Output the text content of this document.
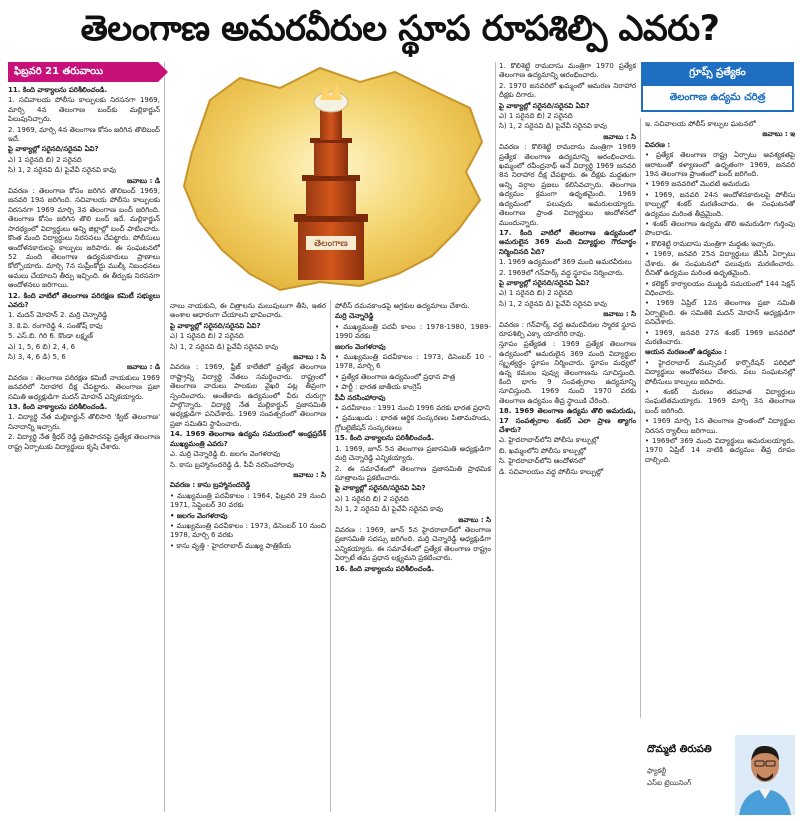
తెలంగాణ అమరవీరుల స్థూప రూపశిల్పి ఎవరు?
ఫిబ్రవరి 21 తరువాయి

11. కింది వాక్యాలను పరిశీలించండి.

1. సచివాలయ పోలీసు కాల్పులకు నిరసనగా 1969, మార్చి 4న తెలంగాణ బంద్‌కు మల్లికార్జున్ పిలుపునిచ్చారు.

2. 1969, మార్చి 4న తెలంగాణ కోసం జరిగిన తొలిబంద్ ఇదే.

పై వాక్యాల్లో సరైనది/సరైనవి ఏవి?

ఎ) 1 సరైనది బి) 2 సరైనది

సి) 1, 2 సరైనవి డి) పైవేవీ సరైనవి కావు

జవాబు : డి

వివరణ : తెలంగాణ కోసం జరిగిన తొలిబంద్ 1969, జనవరి 19న జరిగింది. సచివాలయ పోలీసు కాల్పులకు నిరసనగా 1969 మార్చి 3న తెలంగాణ బంద్ జరిగింది. తెలంగాణ కోసం జరిగిన తొలి బంద్ ఇదే. మల్లికార్జున్ సారథ్యంలో విద్యార్థులు అన్ని జిల్లాల్లో బంద్ పాటించారు. కొంత మంది విద్యార్థులు నిరసనలు చేపట్టారు. పోలీసులు ఆందోళనకారులపై కాల్పులు జరిపారు. ఈ సంఘటనలో 52 మంది తెలంగాణ ఉద్యమకారులు ప్రాణాలు కోల్పోయారు. మార్చి 7న సుప్రీంకోర్టు ముల్కీ నిబంధనలు అమలు చేయాలని తీర్పు ఇచ్చింది. ఈ తీర్పుకు నిరసనగా ఆందోళనలు జరిగాయి.

12. కింది వాటిలో తెలంగాణ పరిరక్షణ కమిటీ సభ్యులు ఎవరు?

1. మదన్ మోహన్ 2. మర్రి చెన్నారెడ్డి

3. కె.వి. రంగారెడ్డి 4. సంతోష్ రావు

5. ఎస్.బి. గిరి 6. కొండా లక్ష్మణ్

ఎ) 1, 5, 6 బి) 2, 4, 6

సి) 3, 4, 6 డి) 5, 6

జవాబు : డి

వివరణ : తెలంగాణ పరిరక్షణ కమిటీ నాయకులు 1969 జనవరిలో నిరాహార దీక్ష చేపట్టారు. తెలంగాణ ప్రజా సమితి అధ్యక్షుడిగా మదన్ మోహన్ ఎన్నికయ్యారు.

13. కింది వాక్యాలను పరిశీలించండి.

1. విద్యార్థి నేత మల్లికార్జున్ తొలిసారి 'క్విట్ తెలంగాణ' నినాదాన్ని ఇచ్చారు.

2. విద్యార్థి నేత శ్రీధర్ రెడ్డి ప్రతిపాదనపై ప్రత్యేక తెలంగాణ రాష్ట్ర ఏర్పాటుకు విద్యార్థులు కృషి చేశారు.

తెలంగాణ

నాలు నాయకుని, ఈ చిత్రాలను మలుపులుగా తీసి, ఇతర అంశాల ఆధారంగా చేయాలని భావించారు.

పై వాక్యాల్లో సరైనది/సరైనవి ఏవి?

ఎ) 1 సరైనది బి) 2 సరైనది

సి) 1, 2 సరైనవి డి) పైవేవీ సరైనవి కావు

జవాబు : సి

వివరణ : 1969, ఫ్రీజ్ కాలేజీలో ప్రత్యేక తెలంగాణ రాష్ట్రాన్ని విద్యార్థి నేతలు సమర్థించారు. రాష్ట్రంలో తెలంగాణ వాదులు పాలకుల వైఖరి పట్ల తీవ్రంగా స్పందించారు. అంతేకాదు ఉద్యమంలో వీరు చురుగ్గా పాల్గొన్నారు. విద్యార్థి నేత మల్లికార్జున్ ప్రజాసమితి అధ్యక్షుడిగా పనిచేశారు. 1969 సంవత్సరంలో తెలంగాణ ప్రజా సమితిని స్థాపించారు.

14. 1969 తెలంగాణ ఉద్యమ సమయంలో ఆంధ్రప్రదేశ్ ముఖ్యమంత్రి ఎవరు?

ఎ. మర్రి చెన్నారెడ్డి బి. జలగం వెంగళరావు

సి. కాసు బ్రహ్మానందరెడ్డి డి. పీవీ నరసింహారావు

జవాబు : సి

వివరణ : కాసు బ్రహ్మానందరెడ్డి

• ముఖ్యమంత్రి పదవీకాలం : 1964, ఫిబ్రవరి 29 నుంచి 1971, సెప్టెంబర్ 30 వరకు

• జలగం వెంగళరావు

• ముఖ్యమంత్రి పదవీకాలం : 1973, డిసెంబర్ 10 నుంచి 1978, మార్చి 6 వరకు

• కాసు వృత్తి - హైదరాబాద్ ముఖ్య పాత్రికేయ

పోలీస్ దమనకాండపై అగ్రకుల ఉద్యమాలు చేశారు.

మర్రి చెన్నారెడ్డి

• ముఖ్యమంత్రి పదవీ కాలం : 1978-1980, 1989-1990 వరకు

జలగం వెంగళరావు

• ముఖ్యమంత్రి పదవీకాలం : 1973, డిసెంబర్ 10 - 1978, మార్చి 6

• ప్రత్యేక తెలంగాణ ఉద్యమంలో ప్రధాన పాత్ర

• పార్టీ : భారత జాతీయ కాంగ్రెస్

పీవీ నరసింహారావు

• పదవీకాలం : 1991 నుంచి 1996 వరకు భారత ప్రధాని

• ప్రముఖుడు : భారత ఆర్థిక సంస్కరణల పితామహుడు, గ్లోబలైజేషన్ సంస్కరణలు

15. కింది వాక్యాలను పరిశీలించండి.

1. 1969, జూన్ 5న తెలంగాణ ప్రజాసమితి అధ్యక్షుడిగా మర్రి చెన్నారెడ్డి ఎన్నికయ్యారు.

2. ఈ సమావేశంలో తెలంగాణ ప్రజాసమితి ప్రాథమిక సూత్రాలను ప్రకటించారు.

పై వాక్యాల్లో సరైనది/సరైనవి ఏవి?

ఎ) 1 సరైనది బి) 2 సరైనది

సి) 1, 2 సరైనవి డి) పైవేవీ సరైనవి కావు

జవాబు : సి

వివరణ : 1969, జూన్ 5న హైదరాబాద్‌లో తెలంగాణ ప్రజాసమితి సదస్సు జరిగింది. మర్రి చెన్నారెడ్డి అధ్యక్షుడిగా ఎన్నికయ్యారు. ఈ సమావేశంలో ప్రత్యేక తెలంగాణ రాష్ట్రం ఏర్పాటే తమ ప్రధాన లక్ష్యమని ప్రకటించారు.

16. కింది వాక్యాలను పరిశీలించండి.

1. కొలిశెట్టి రామదాసు మంత్రిగా 1970 ప్రత్యేక తెలంగాణ ఉద్యమాన్ని ఆరంభించారు.

2. 1970 జనవరిలో ఖమ్మంలో ఆమరణ నిరాహార దీక్షకు దిగారు.

పై వాక్యాల్లో సరైనది/సరైనవి ఏవి?

ఎ) 1 సరైనది బి) 2 సరైనది

సి) 1, 2 సరైనవి డి) పైవేవీ సరైనవి కావు

జవాబు : సి

వివరణ : కొలిశెట్టి రామదాసు మంత్రిగా 1969 ప్రత్యేక తెలంగాణ ఉద్యమాన్ని ఆరంభించారు. ఖమ్మంలో రవీంద్రనాథ్ అనే విద్యార్థి 1969 జనవరి 8న నిరాహార దీక్ష చేపట్టారు. ఈ దీక్షకు మద్దతుగా అన్ని వర్గాల ప్రజలు కలిసివచ్చారు. తెలంగాణ ఉద్యమం క్రమంగా ఉధృతమైంది. 1969 ఉద్యమంలో పలువురు అమరులయ్యారు. తెలంగాణ ప్రాంత విద్యార్థులు ఆందోళనలో ముందున్నారు.

17. కింది వాటిలో తెలంగాణ ఉద్యమంలో అమరులైన 369 మంది విద్యార్థుల గౌరవార్థం నిర్మించినది ఏది?

1. 1969 ఉద్యమంలో 369 మంది అమరవీరులు

2. 1969లో గన్‌పార్క్ వద్ద స్థూపం నిర్మించారు.

పై వాక్యాల్లో సరైనది/సరైనవి ఏవి?

ఎ) 1 సరైనది బి) 2 సరైనది

సి) 1, 2 సరైనవి డి) పైవేవీ సరైనవి కావు

జవాబు : సి

వివరణ : గన్‌పార్క్ వద్ద అమరవీరుల స్మారక స్థూప రూపశిల్పి ఎక్కా యాదగిరి రావు.

స్తూపం ప్రత్యేకత : 1969 ప్రత్యేక తెలంగాణ ఉద్యమంలో అమరులైన 369 మంది విద్యార్థుల స్మృత్యర్థం స్థూపం నిర్మించారు. స్థూపం మధ్యలో ఉన్న కమలం పువ్వు తెలంగాణను సూచిస్తుంది. కింది భాగం 9 సంవత్సరాల ఉద్యమాన్ని సూచిస్తుంది. 1969 నుంచి 1970 వరకు తెలంగాణ ఉద్యమం తీవ్ర స్థాయికి చేరింది.

18. 1969 తెలంగాణ ఉద్యమ తొలి అమరుడు, 17 సంవత్సరాల శంకర్ ఎలా ప్రాణ త్యాగం చేశారు?

ఎ. హైదరాబాద్‌లోని పోలీసు కాల్పుల్లో

బి. ఖమ్మంలోని పోలీసు కాల్పుల్లో

సి. హైదరాబాద్‌లోని ఆందోళనలో

డి. సచివాలయం వద్ద పోలీసు కాల్పుల్లో

గ్రూప్స్ ప్రత్యేకం
తెలంగాణ ఉద్యమ చరిత్ర

ఇ. సచివాలయ పోలీస్ కాల్పుల ఘటనలో

జవాబు : ఇ

వివరణ :

• ప్రత్యేక తెలంగాణ రాష్ట్ర ఏర్పాటు ఆవశ్యకతపై ఆరాటంతో కళ్యాణంలో ఉధృతంగా 1969, జనవరి 19న తెలంగాణ ప్రాంతంలో బంద్ జరిగింది.

• 1969 జనవరిలో మొదటి అమరుడు

• 1969, జనవరి 24న ఆందోళనకారులపై పోలీసు కాల్పుల్లో శంకర్ మరణించాడు. ఈ సంఘటనతో ఉద్యమం మరింత తీవ్రమైంది.

• శంకర్ తెలంగాణ ఉద్యమ తొలి అమరుడిగా గుర్తింపు పొందాడు.

• కొలిశెట్టి రామదాసు మంత్రిగా మద్దతు ఇచ్చారు.

• 1969, జనవరి 25న విద్యార్థులు జేఏసీ ఏర్పాటు చేశారు. ఈ సంఘటనలో పలువురు మరణించారు. దీనితో ఉద్యమం మరింత ఉధృతమైంది.

• కలెక్టర్ కార్యాలయం ముట్టడి సమయంలో 144 సెక్షన్ విధించారు.

• 1969 ఏప్రిల్ 12న తెలంగాణ ప్రజా సమితి ఏర్పాటైంది. ఈ సమితికి మదన్ మోహన్ అధ్యక్షుడిగా పనిచేశారు.

• 1969, జనవరి 27న శంకర్ 1969 జనవరిలో మరణించారు.

ఆయన మరణంతో ఉద్యమం :

• హైదరాబాద్ మున్సిపల్ కార్పొరేషన్ పరిధిలో విద్యార్థులు ఆందోళనలు చేశారు. పలు సంఘటనల్లో పోలీసులు కాల్పులు జరిపారు.

• శంకర్ మరణం తరువాత విద్యార్థులు సంఘటితమయ్యారు. 1969 మార్చి 3న తెలంగాణ బంద్ జరిగింది.

• 1969 మార్చి 1న తెలంగాణ ప్రాంతంలో విద్యార్థుల నిరసన ర్యాలీలు జరిగాయి.

• 1969లో 369 మంది విద్యార్థులు అమరులయ్యారు. 1970 ఏప్రిల్ 14 నాటికి ఉద్యమం తీవ్ర రూపం దాల్చింది.

దొమ్మటి తిరుపతి
ఫ్యాకల్టీ
ఎస్ఐ ట్రెయినింగ్
